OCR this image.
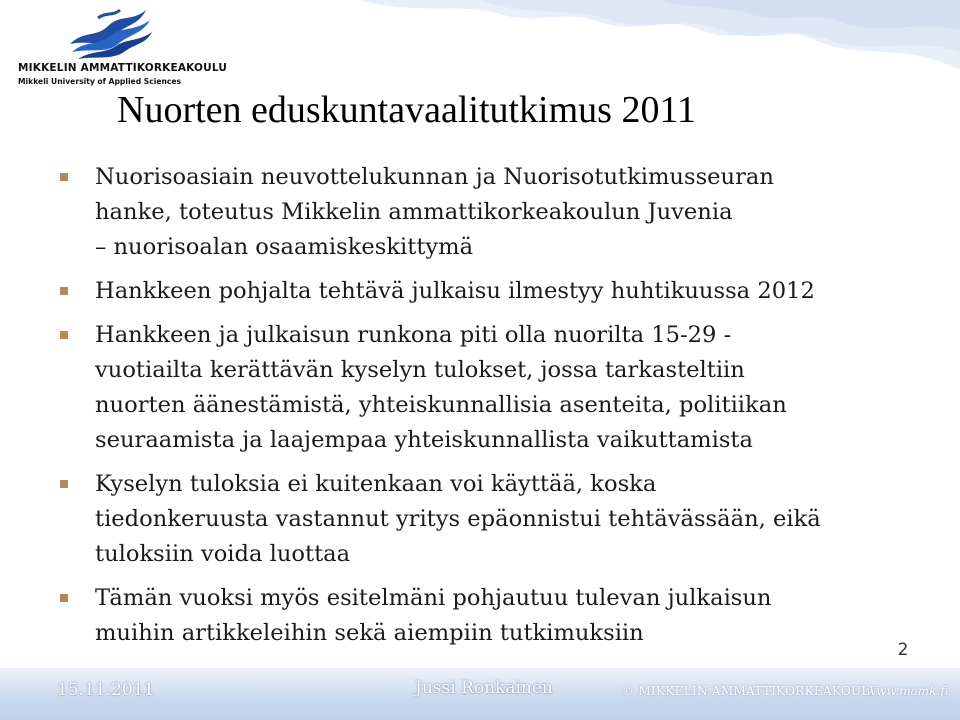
MIKKELIN AMMATTIKORKEAKOULU
Mikkeli University of Applied Sciences
Nuorten eduskuntavaalitutkimus 2011
Nuorisoasiain neuvottelukunnan ja Nuorisotutkimusseuran
hanke, toteutus Mikkelin ammattikorkeakoulun Juvenia
– nuorisoalan osaamiskeskittymä
Hankkeen pohjalta tehtävä julkaisu ilmestyy huhtikuussa 2012
Hankkeen ja julkaisun runkona piti olla nuorilta 15-29 -
vuotiailta kerättävän kyselyn tulokset, jossa tarkasteltiin
nuorten äänestämistä, yhteiskunnallisia asenteita, politiikan
seuraamista ja laajempaa yhteiskunnallista vaikuttamista
Kyselyn tuloksia ei kuitenkaan voi käyttää, koska
tiedonkeruusta vastannut yritys epäonnistui tehtävässään, eikä
tuloksiin voida luottaa
Tämän vuoksi myös esitelmäni pohjautuu tulevan julkaisun
muihin artikkeleihin sekä aiempiin tutkimuksiin
2
15.11.2011	Jussi Ronkainen	© MIKKELIN AMMATTIKORKEAKOULU
www.mamk.fi
